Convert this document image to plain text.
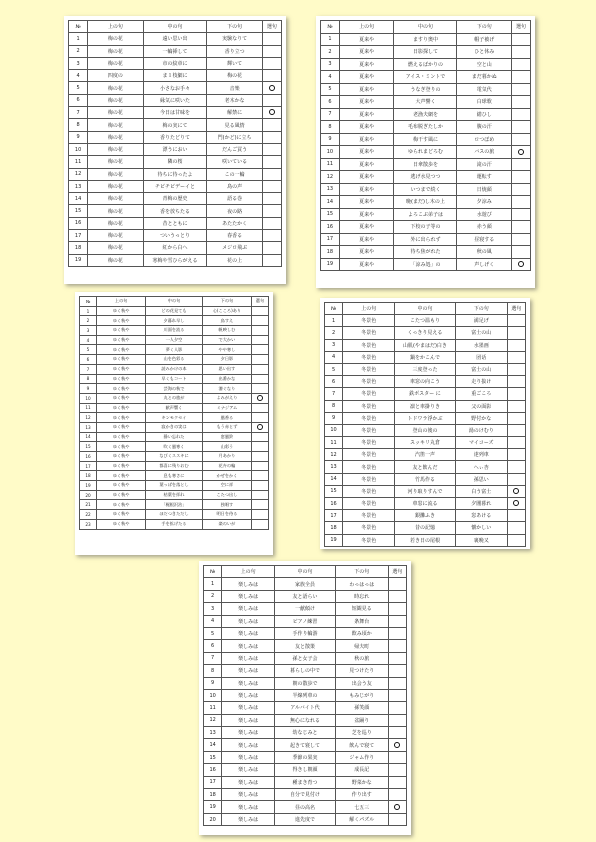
№	上の句	中の句	下の句	選句
1	梅の花	遠い思い出	実験なりて	
2	梅の花	一輪挿して	香り立つ	
3	梅の花	市の紋章に	輝いて	
4	四度の	ま１枝細に	梅の花	
5	梅の花	小さなお手々	音楽	
6	梅の花	縁気に咲いた	老木かな	
7	梅の花	今日は甘味を	解禁に	
8	梅の花	梅の実にて	見る風情	
9	梅の花	香りたどりて	門(かど)に立ち	
10	梅の花	漂うにおい	だんご買う	
11	梅の花	隣の桜	咲いている	
12	梅の花	待ちに待ったよ	この一輪	
13	梅の花	チピチピデーイと	鳥の声	
14	梅の花	青梅の歴史	語る巻	
15	梅の花	香を放ちたる	夜の路	
16	梅の花	昔とともに	あたたかく	
17	梅の花	ついうっとり	春香る	
18	梅の花	紅から白へ	メジロ飛ぶ	
19	梅の花	寒梅や雪ひらがえる	花の上	
№	上の句	中の句	下の句	選句
1	夏来や	ますり奥中	帽子被げ	
2	夏来や	日影探して	ひと休み	
3	夏来や	燃えるばかりの	空と山	
4	夏来や	アイス・ミントで	まだ暮かぬ	
5	夏来や	うなぎ登りの	電気代	
6	夏来や	大声響く	白球歌	
7	夏来や	老漁夫網を	繕ひし	
8	夏来や	毛布脱ぎたしか	腹の汗	
9	夏来や	梅干す風に	ロつぼめ	
10	夏来や	ゆられまどろむ	バスの旅	
11	夏来や	日傘散歩を	滝の汗	
12	夏来や	逃げ水見つつ	運転す	
13	夏来や	いつまで続く	日焼顔	
14	夏来や	晩(まだ)し木の上	夕涼み	
15	夏来や	よろこぶ弟子は	水遊び	
16	夏来や	下校の子等の	赤う顔	
17	夏来や	外に出られず	昼寝する	
18	夏来や	待ち焦がれた	秋の風	
19	夏来や	「涼み処」の	声しげく	
№	上の句	中の句	下の句	選句
1	ゆく秋や	どの花見ても	心(こころ)あり	
2	ゆく秋や	夕暮れ早し	鳥すえ	
3	ゆく秋や	川面を流る	帆映しむ	
4	ゆく秋や	一人夕空	で大かい	
5	ゆく秋や	夢く人影	やや寒し	
6	ゆく秋や	山を色彩る	夕日影	
7	ゆく秋や	読みかけの本	思い出す	
8	ゆく秋や	早くもコート	出番かな	
9	ゆく秋や	芸海の秋で	漕ぐなり	
10	ゆく秋や	丸との旅が	よみがえり	
11	ゆく秋や	献声響く	ミナジアム	
12	ゆく秋や	キンモクセイ	風香る	
13	ゆく秋や	寂かきの実は	もう赤とず	
14	ゆく秋や	静い忘れた	窓風鈴	
15	ゆく秋や	吹く風寒く	山彩う	
16	ゆく秋や	なびくススキに	月あかり	
17	ゆく秋や	都喜に残りおむ	花卉の輪	
18	ゆく秋や	息も寒さに	かぜをかく	
19	ゆく秋や	葉っぱを落とし	空に祥	
20	ゆく秋や	枯葉を拝れ	こたつ出し	
21	ゆく秋や	「梶根沢治」	独唱す	
22	ゆく秋や	ほだつきただし	明日を待る	
23	ゆく秋や	手を拡げたる	楽のいが	
№	上の句	中の句	下の句	選句
1	冬景色	こたつ温もり	満足げ	
2	冬景色	くっきり見える	富士の山	
3	冬景色	山肌(やまはだ)白き	水墨画	
4	冬景色	鍋をかこんで	团话	
5	冬景色	三度登った	富士の山	
6	冬景色	車窓の向こう	走り抜け	
7	冬景色	鉄ボスター に	重ごころ	
8	冬景色	凛と車掛りき	父の面影	
9	冬景色	トドワラ浮かぶ	野付かな	
10	冬景色	登山の後の	湯のけむり	
11	冬景色	スッキリ丸倉	マイコーズ	
12	冬景色	汽笛一声	達列車	
13	冬景色	友と飲んだ	へぃ杏	
14	冬景色	竹馬作る	孫思い	
15	冬景色	河り取りすんで	白う富士	
16	冬景色	車窓に流る	夕闇暮れ	
17	冬景色	銀灘ふき	窓あける	
18	冬景色	昔の記憶	懐かしい	
19	冬景色	若き日の尾根	裏晩又	
№	上の句	中の句	下の句	選句
1	楽しみは	家族全員	わっはっは	
2	楽しみは	友と語らい	時忘れ	
3	楽しみは	一献傾け	短観見る	
4	楽しみは	ピアノ練習	条舞台	
5	楽しみは	手作り輪游	飲み頃か	
6	楽しみは	友と散策	帰夫町	
7	楽しみは	孫と女子会	秋の旅	
8	楽しみは	暮らしの中で	見つけたり	
9	楽しみは	朝の散歩で	出会う友	
10	楽しみは	半線列車の	もみじがり	
11	楽しみは	アルバイト代	孫笑顔	
12	楽しみは	無心になれる	盆踊り	
13	楽しみは	幼なじみと	芝を巡り	
14	楽しみは	起きて寝して	飲んで寝て	
15	楽しみは	季節の果実	ジャム作り	
16	楽しみは	得きし朝顔	成長記	
17	楽しみは	種まき育つ	野菜かな	
18	楽しみは	自分で見付け	作り出す	
19	楽しみは	昼の高名	七五三	
20	楽しみは	進先度で	解くパズル	
